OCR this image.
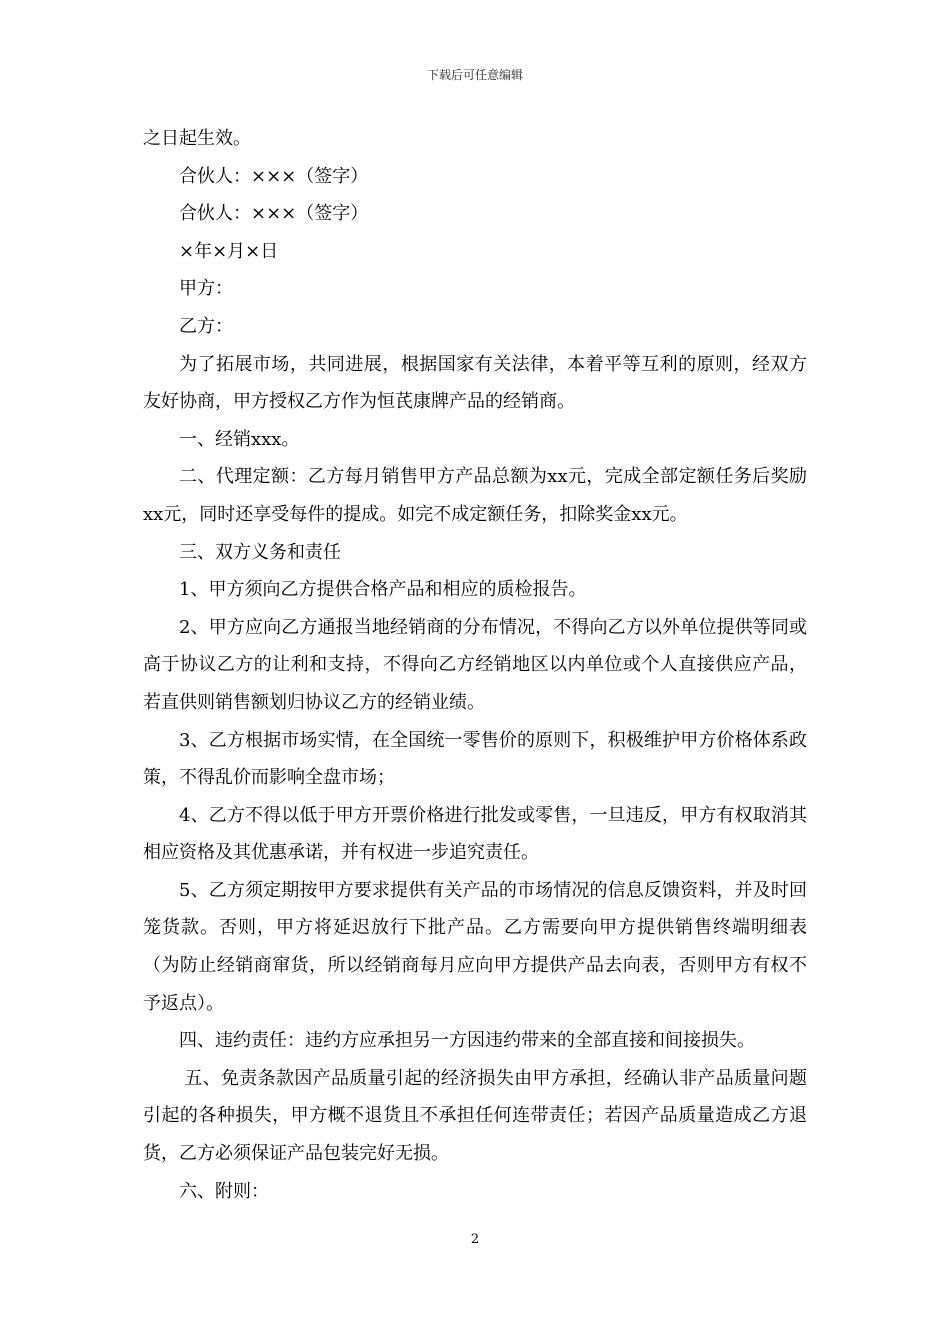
下载后可任意编辑

之日起生效。

合伙人：×××（签字）

合伙人：×××（签字）

×年×月×日

甲方：

乙方：

为了拓展市场，共同进展，根据国家有关法律，本着平等互利的原则，经双方友好协商，甲方授权乙方作为恒芪康牌产品的经销商。

一、经销xxx。

二、代理定额：乙方每月销售甲方产品总额为xx元，完成全部定额任务后奖励xx元，同时还享受每件的提成。如完不成定额任务，扣除奖金xx元。

三、双方义务和责任

1、甲方须向乙方提供合格产品和相应的质检报告。

2、甲方应向乙方通报当地经销商的分布情况，不得向乙方以外单位提供等同或高于协议乙方的让利和支持，不得向乙方经销地区以内单位或个人直接供应产品，若直供则销售额划归协议乙方的经销业绩。

3、乙方根据市场实情，在全国统一零售价的原则下，积极维护甲方价格体系政策，不得乱价而影响全盘市场；

4、乙方不得以低于甲方开票价格进行批发或零售，一旦违反，甲方有权取消其相应资格及其优惠承诺，并有权进一步追究责任。

5、乙方须定期按甲方要求提供有关产品的市场情况的信息反馈资料，并及时回笼货款。否则，甲方将延迟放行下批产品。乙方需要向甲方提供销售终端明细表（为防止经销商窜货，所以经销商每月应向甲方提供产品去向表，否则甲方有权不予返点）。

四、违约责任：违约方应承担另一方因违约带来的全部直接和间接损失。

五、免责条款因产品质量引起的经济损失由甲方承担，经确认非产品质量问题引起的各种损失，甲方概不退货且不承担任何连带责任；若因产品质量造成乙方退货，乙方必须保证产品包装完好无损。

六、附则：

2
